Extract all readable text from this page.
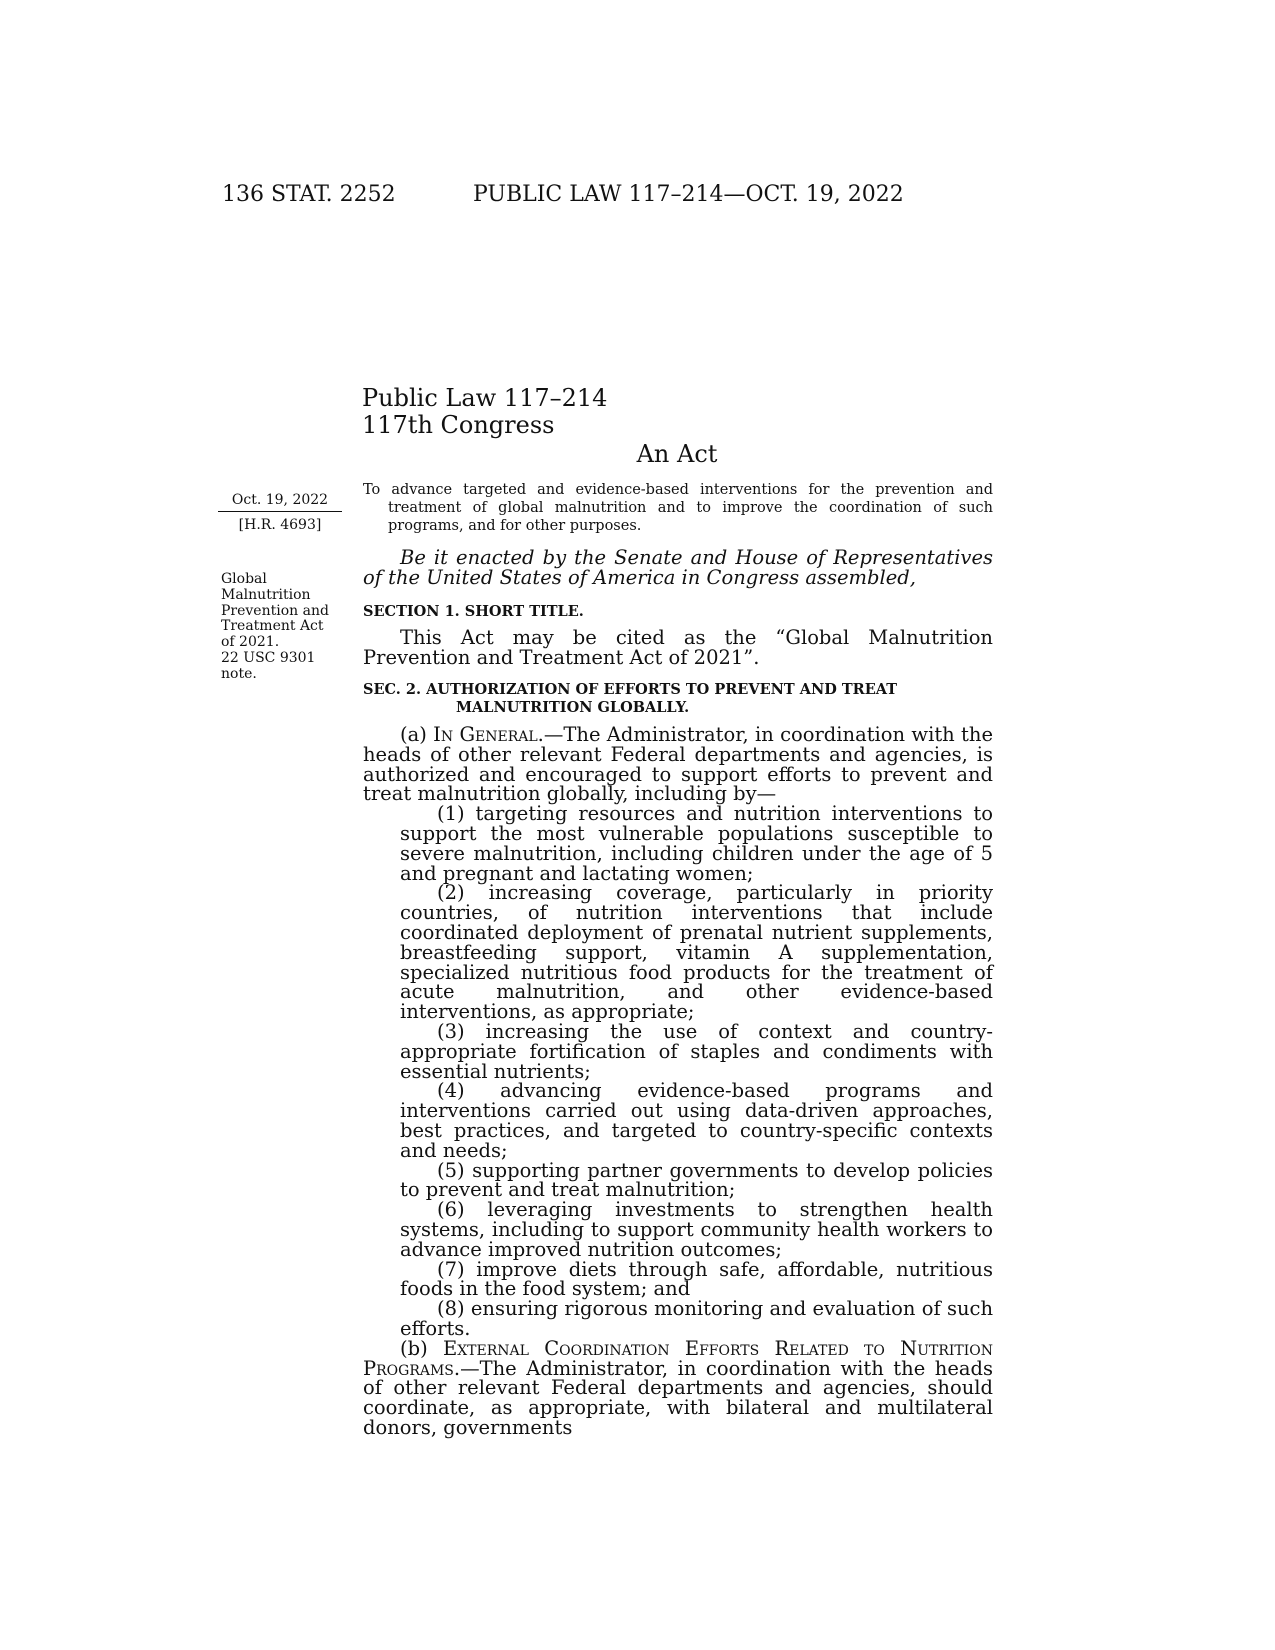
136 STAT. 2252	PUBLIC LAW 117–214—OCT. 19, 2022
Public Law 117–214
117th Congress
An Act
Oct. 19, 2022
[H.R. 4693]
Global
Malnutrition
Prevention and
Treatment Act
of 2021.
22 USC 9301
note.
To advance targeted and evidence-based interventions for the prevention and treatment of global malnutrition and to improve the coordination of such programs, and for other purposes.

Be it enacted by the Senate and House of Representatives of the United States of America in Congress assembled,

SECTION 1. SHORT TITLE.

This Act may be cited as the “Global Malnutrition Prevention and Treatment Act of 2021”.

SEC. 2. AUTHORIZATION OF EFFORTS TO PREVENT AND TREAT MALNUTRITION GLOBALLY.

(a) In General.—The Administrator, in coordination with the heads of other relevant Federal departments and agencies, is authorized and encouraged to support efforts to prevent and treat malnutrition globally, including by—

(1) targeting resources and nutrition interventions to support the most vulnerable populations susceptible to severe malnutrition, including children under the age of 5 and pregnant and lactating women;
(2) increasing coverage, particularly in priority countries, of nutrition interventions that include coordinated deployment of prenatal nutrient supplements, breastfeeding support, vitamin A supplementation, specialized nutritious food products for the treatment of acute malnutrition, and other evidence-based interventions, as appropriate;
(3) increasing the use of context and country-appropriate fortification of staples and condiments with essential nutrients;
(4) advancing evidence-based programs and interventions carried out using data-driven approaches, best practices, and targeted to country-specific contexts and needs;
(5) supporting partner governments to develop policies to prevent and treat malnutrition;
(6) leveraging investments to strengthen health systems, including to support community health workers to advance improved nutrition outcomes;
(7) improve diets through safe, affordable, nutritious foods in the food system; and
(8) ensuring rigorous monitoring and evaluation of such efforts.

(b) External Coordination Efforts Related to Nutrition Programs.—The Administrator, in coordination with the heads of other relevant Federal departments and agencies, should coordinate, as appropriate, with bilateral and multilateral donors, governments
